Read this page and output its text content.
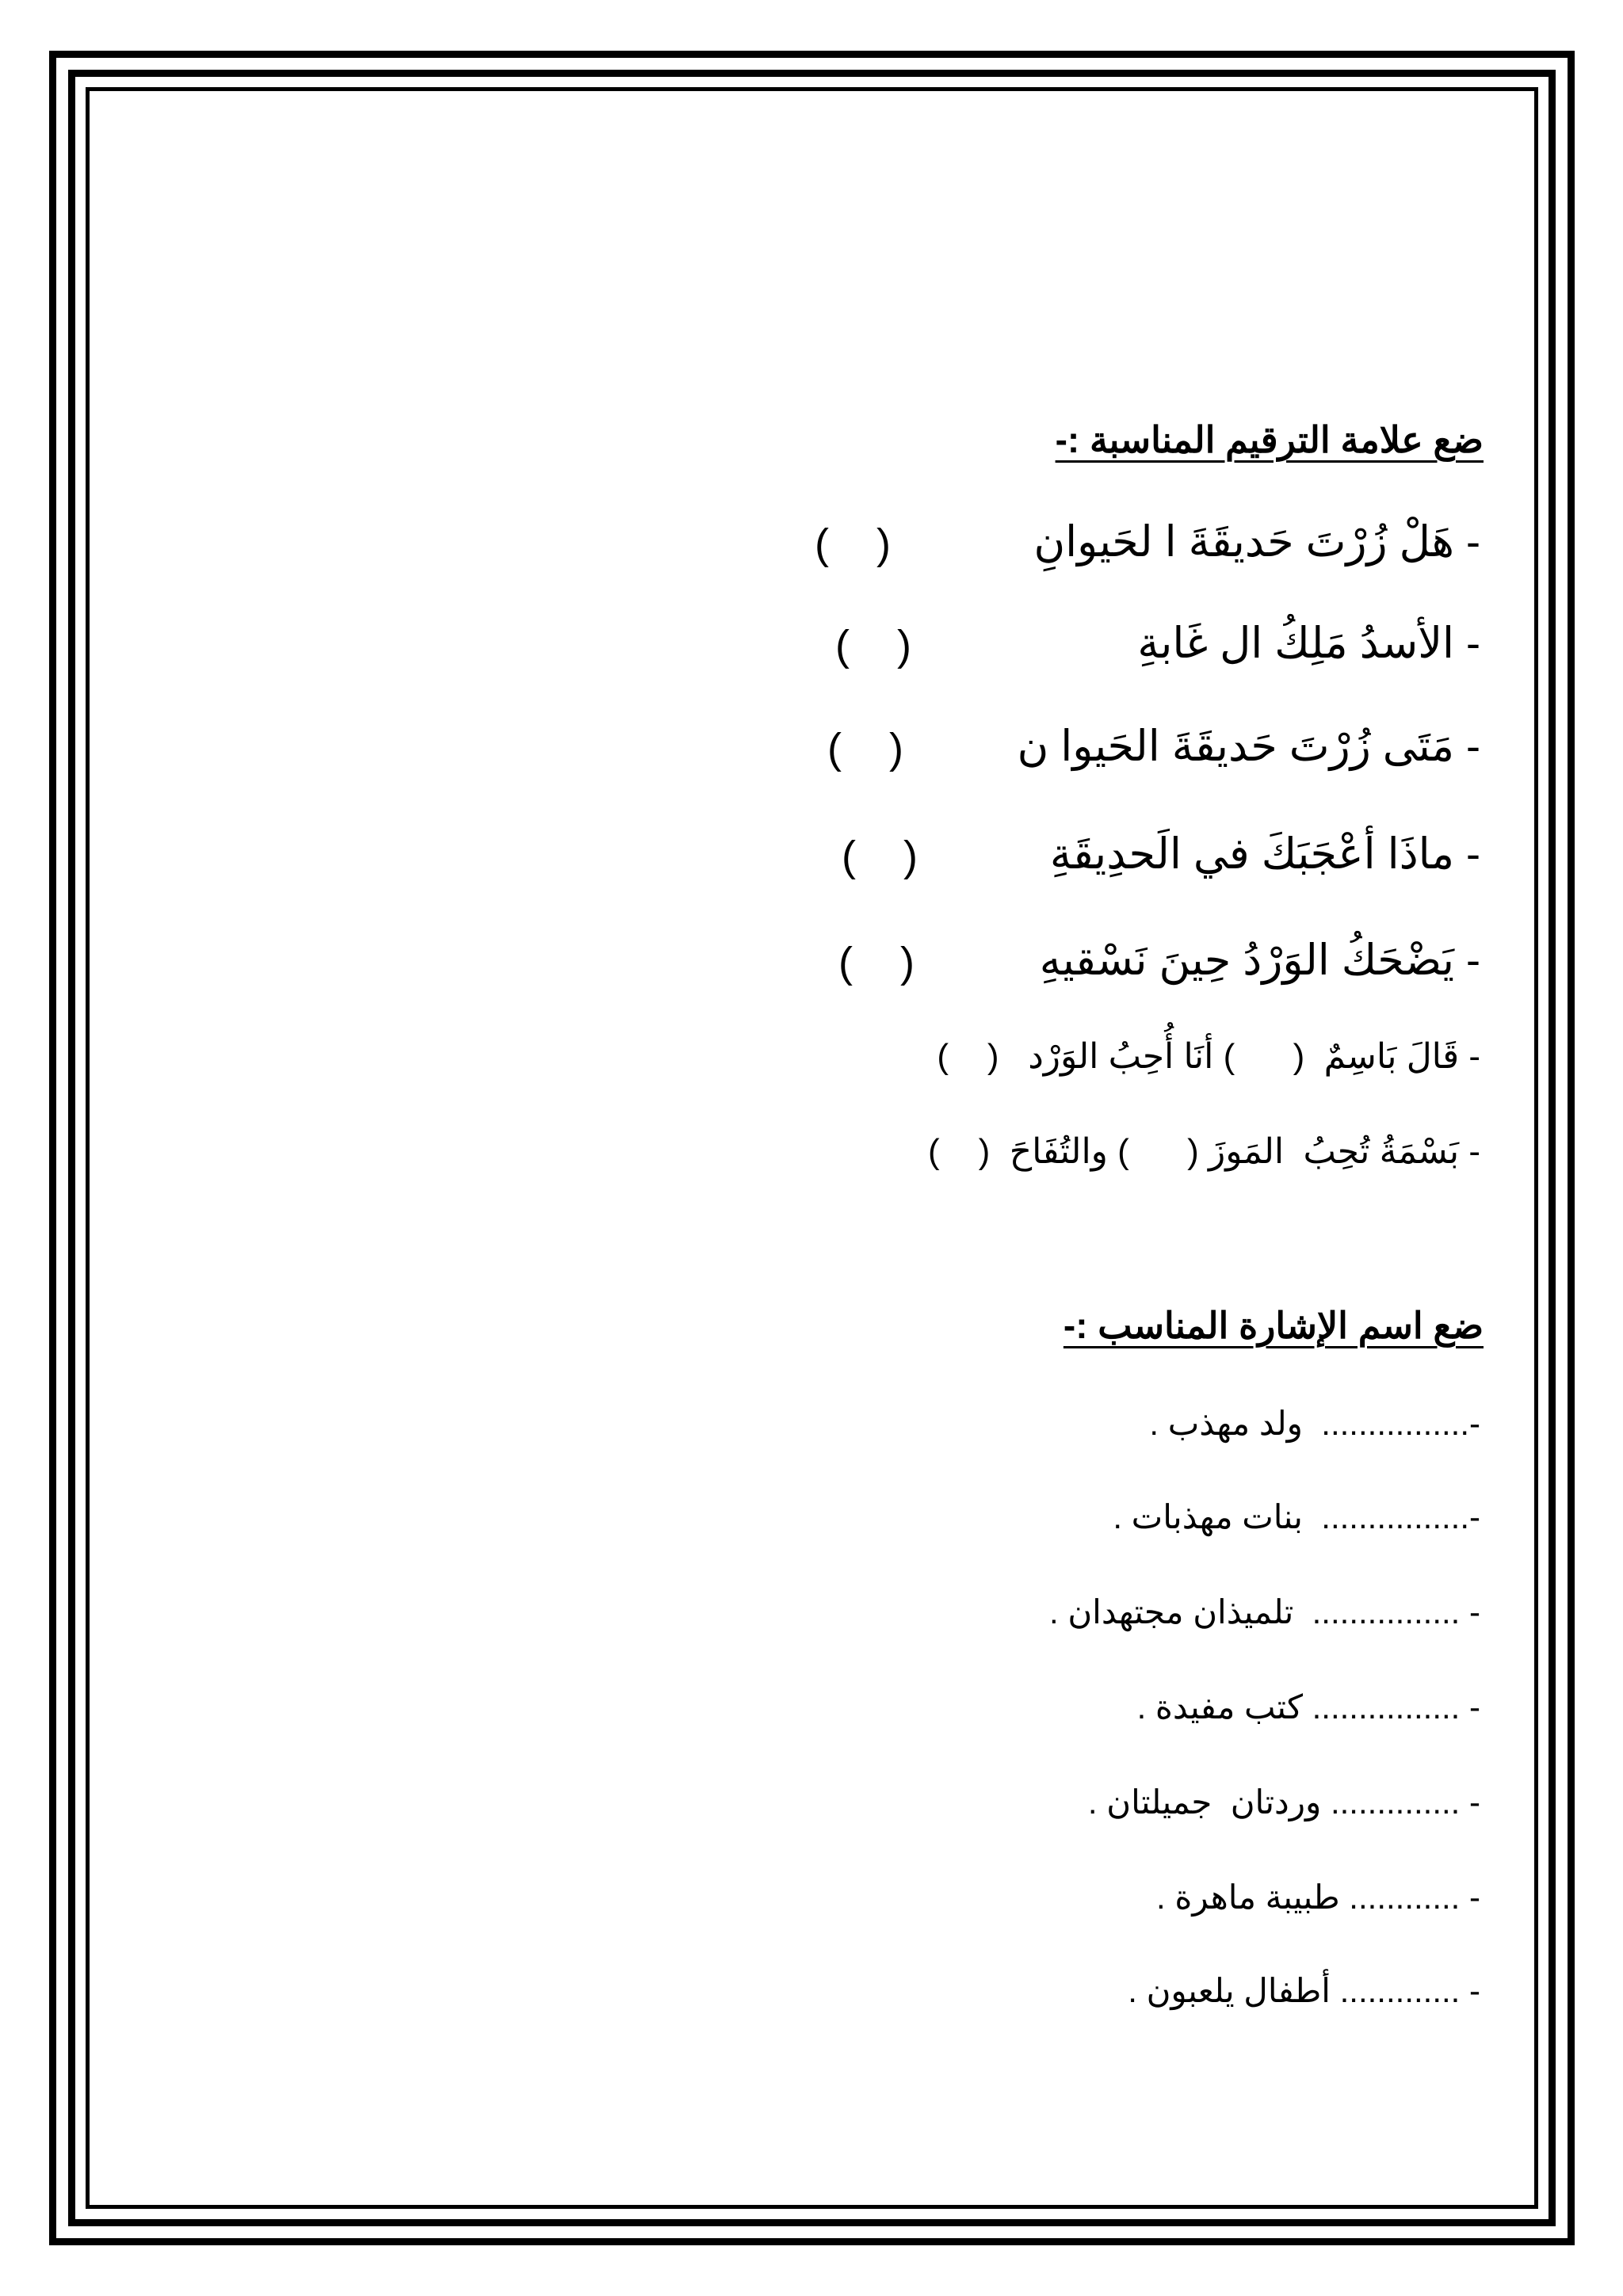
ضع علامة الترقيم المناسبة :-
- هَلْ زُرْتَ حَديقَةَ ا لحَيوانِ
(    )
- الأسدُ مَلِكُ ال غَابةِ
(    )
- مَتَى زُرْتَ حَديقَةَ الحَيوا ن
(    )
- ماذَا أعْجَبَكَ في الَحدِيقَةِ
(    )
- يَضْحَكُ الوَرْدُ حِينَ نَسْقيهِ
(    )
- قَالَ بَاسِمٌ  (      ) أنَا أُحِبُ الوَرْد   (    )
- بَسْمَةُ تُحِبُ  المَوزَ (      ) والتُفَاحَ  (    )
ضع اسم الإشارة المناسب :-
-................  ولد مهذب .
-................  بنات مهذبات .
- ................  تلميذان مجتهدان .
- ................ كتب مفيدة .
- .............. وردتان  جميلتان .
- ............ طبيبة ماهرة .
- ............. أطفال يلعبون .
